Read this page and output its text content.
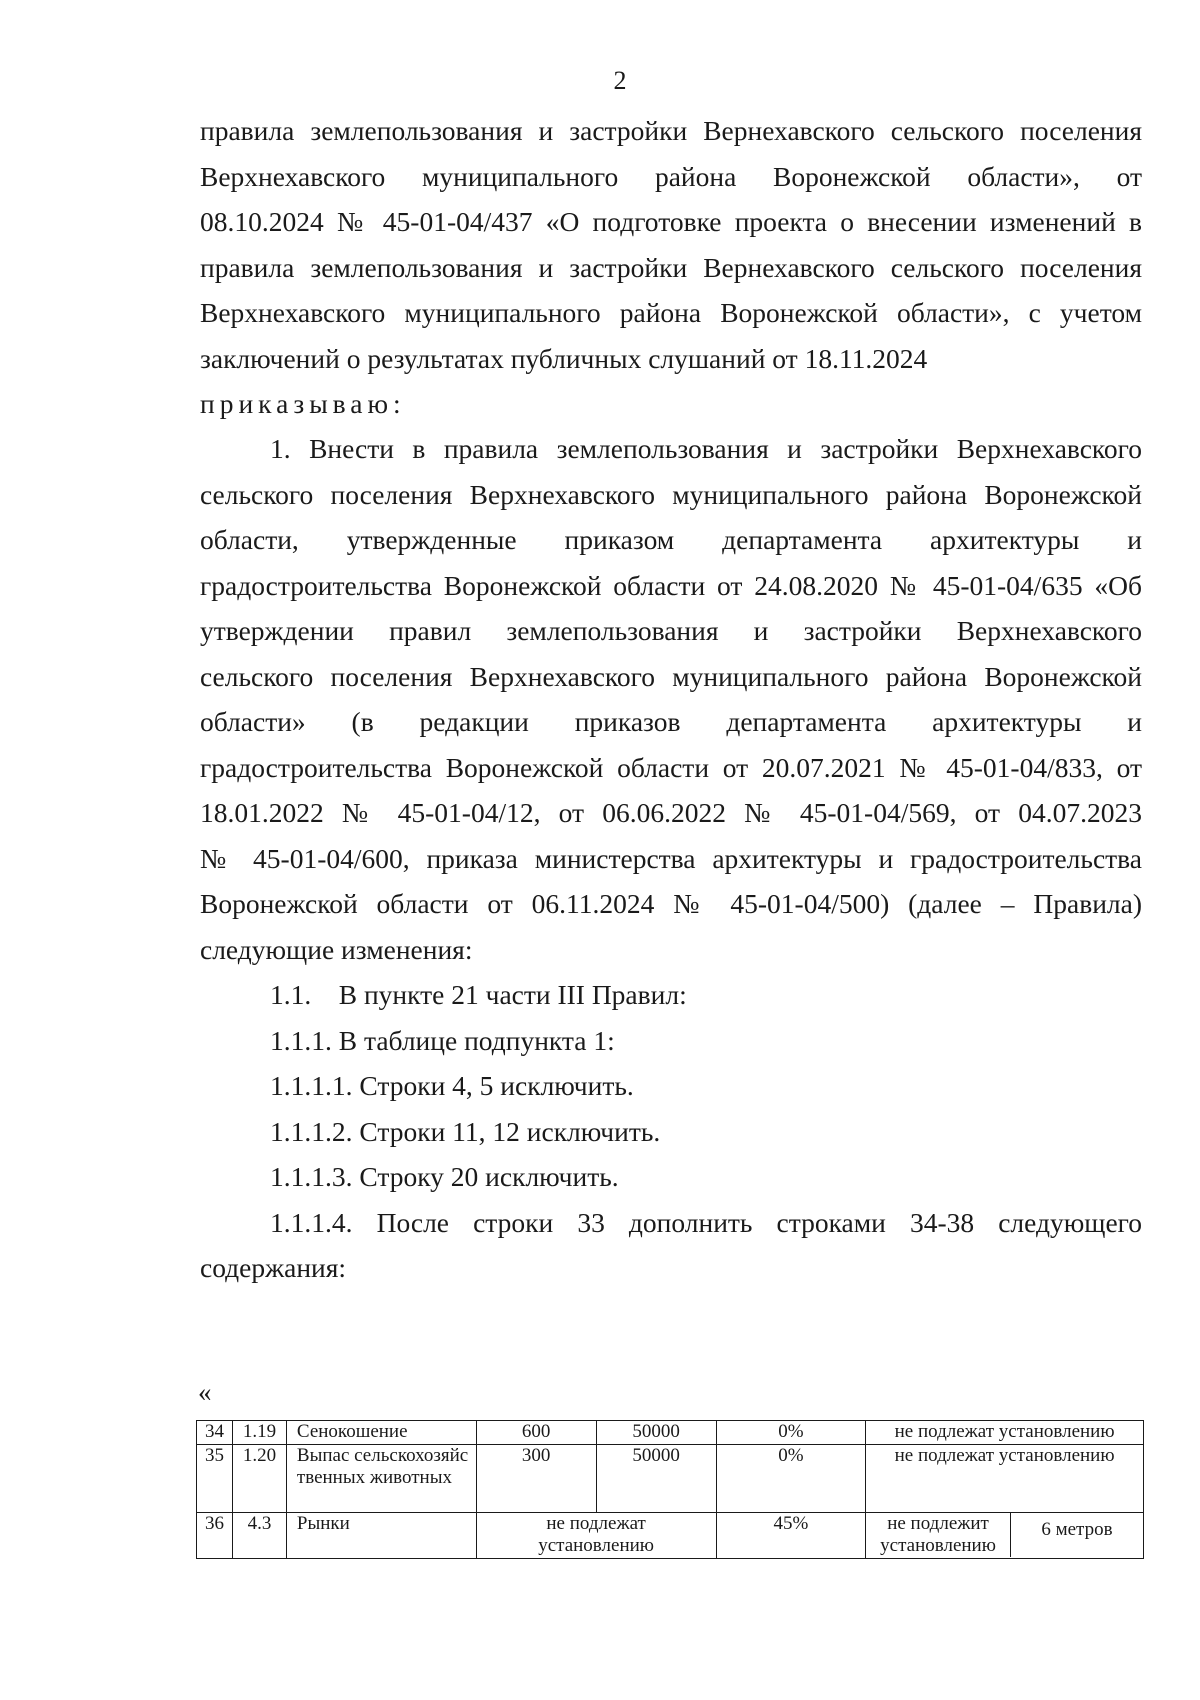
2
правила землепользования и застройки Вернехавского сельского поселения
Верхнехавского муниципального района Воронежской области», от
08.10.2024 № 45-01-04/437 «О подготовке проекта о внесении изменений в
правила землепользования и застройки Вернехавского сельского поселения
Верхнехавского муниципального района Воронежской области», с учетом
заключений о результатах публичных слушаний от 18.11.2024
приказываю:
1. Внести в правила землепользования и застройки Верхнехавского
сельского поселения Верхнехавского муниципального района Воронежской
области, утвержденные приказом департамента архитектуры и
градостроительства Воронежской области от 24.08.2020 № 45-01-04/635 «Об
утверждении правил землепользования и застройки Верхнехавского
сельского поселения Верхнехавского муниципального района Воронежской
области» (в редакции приказов департамента архитектуры и
градостроительства Воронежской области от 20.07.2021 № 45-01-04/833, от
18.01.2022 № 45-01-04/12, от 06.06.2022 № 45-01-04/569, от 04.07.2023
№ 45-01-04/600, приказа министерства архитектуры и градостроительства
Воронежской области от 06.11.2024 № 45-01-04/500) (далее – Правила)
следующие изменения:
1.1.    В пункте 21 части III Правил:
1.1.1. В таблице подпункта 1:
1.1.1.1. Строки 4, 5 исключить.
1.1.1.2. Строки 11, 12 исключить.
1.1.1.3. Строку 20 исключить.
1.1.1.4. После строки 33 дополнить строками 34-38 следующего
содержания:
«
34	1.19	Сенокошение	600	50000	0%	не подлежат установлению
35	1.20	Выпас сельскохозяйственных животных	300	50000	0%	не подлежат установлению
36	4.3	Рынки	не подлежат установлению	45%		не подлежит установлению	6 метров
